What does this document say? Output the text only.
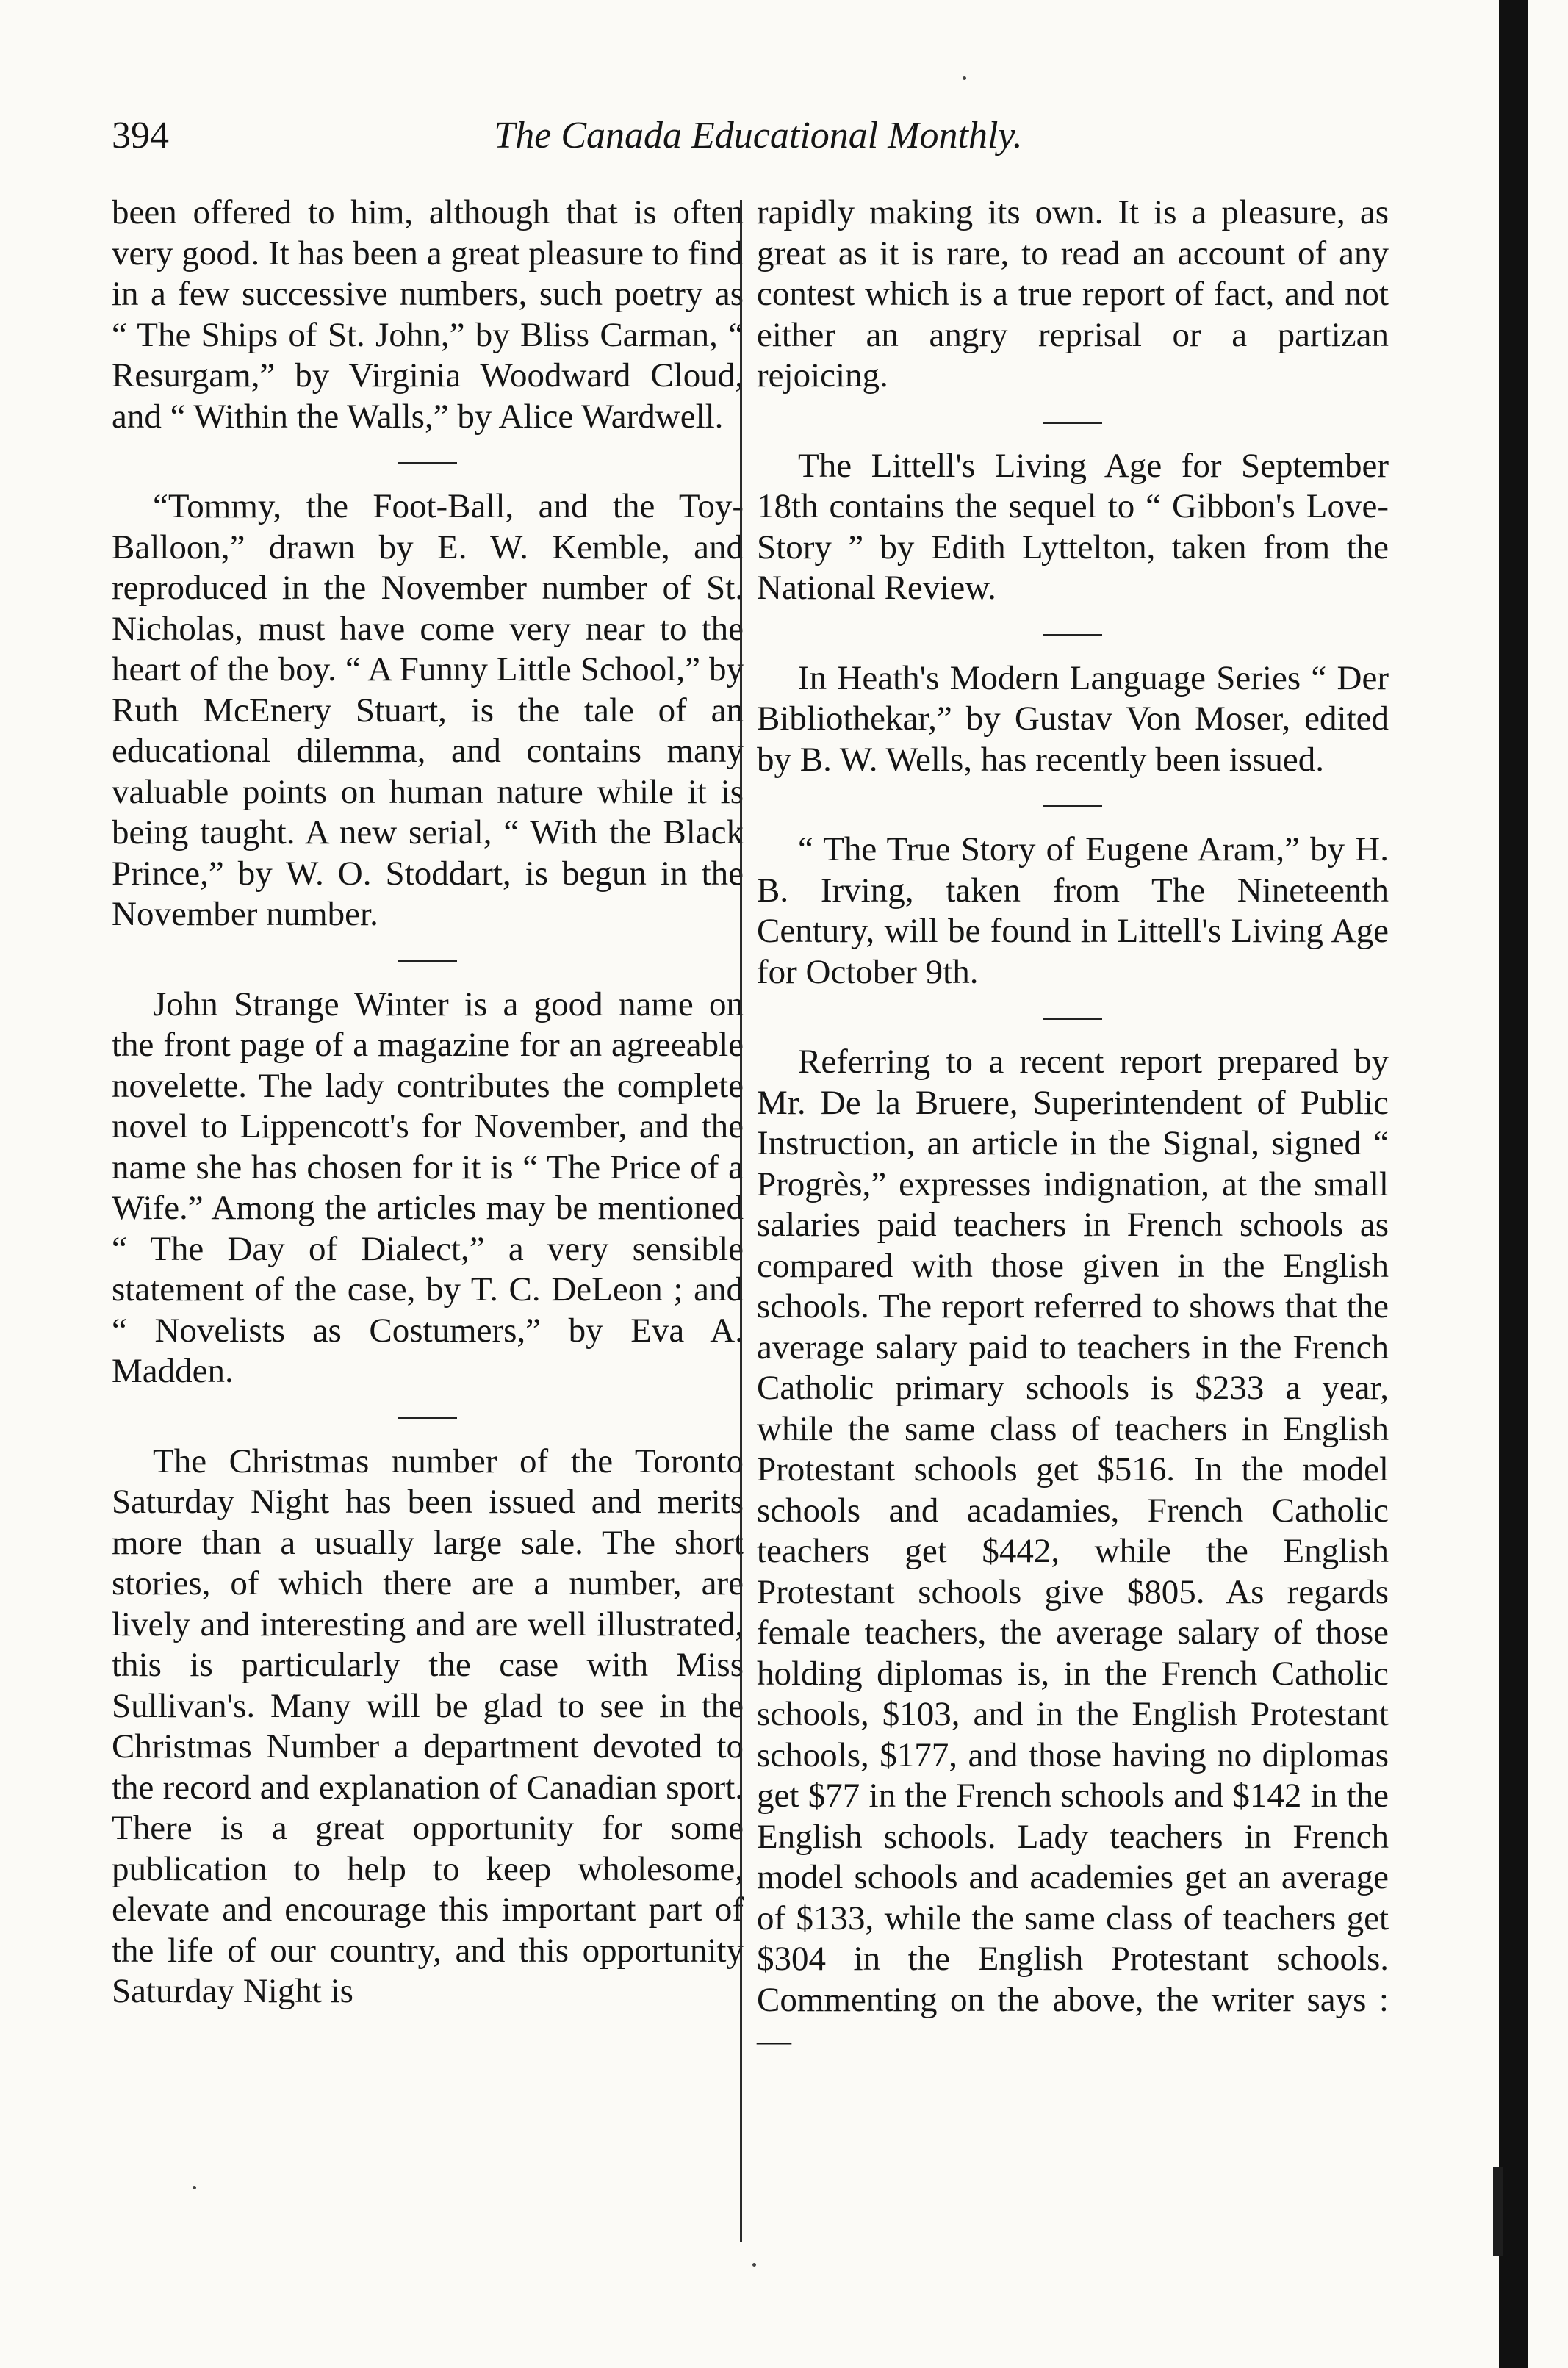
394	The Canada Educational Monthly.

been offered to him, although that is often very good. It has been a great pleasure to find in a few successive numbers, such poetry as “ The Ships of St. John,” by Bliss Carman, “ Resurgam,” by Virginia Woodward Cloud, and “ Within the Walls,” by Alice Wardwell.

“Tommy, the Foot-Ball, and the Toy-Balloon,” drawn by E. W. Kemble, and reproduced in the November number of St. Nicholas, must have come very near to the heart of the boy. “ A Funny Little School,” by Ruth McEnery Stuart, is the tale of an educational dilemma, and contains many valuable points on human nature while it is being taught. A new serial, “ With the Black Prince,” by W. O. Stoddart, is begun in the November number.

John Strange Winter is a good name on the front page of a magazine for an agreeable novelette. The lady contributes the complete novel to Lippencott's for November, and the name she has chosen for it is “ The Price of a Wife.” Among the articles may be mentioned “ The Day of Dialect,” a very sensible statement of the case, by T. C. DeLeon ; and “ Novelists as Costumers,” by Eva A. Madden.

The Christmas number of the Toronto Saturday Night has been issued and merits more than a usually large sale. The short stories, of which there are a number, are lively and interesting and are well illustrated, this is particularly the case with Miss Sullivan's. Many will be glad to see in the Christmas Number a department devoted to the record and explanation of Canadian sport. There is a great opportunity for some publication to help to keep wholesome, elevate and encourage this important part of the life of our country, and this opportunity Saturday Night is

rapidly making its own. It is a pleasure, as great as it is rare, to read an account of any contest which is a true report of fact, and not either an angry reprisal or a partizan rejoicing.

The Littell's Living Age for September 18th contains the sequel to “ Gibbon's Love-Story ” by Edith Lyttelton, taken from the National Review.

In Heath's Modern Language Series “ Der Bibliothekar,” by Gustav Von Moser, edited by B. W. Wells, has recently been issued.

“ The True Story of Eugene Aram,” by H. B. Irving, taken from The Nineteenth Century, will be found in Littell's Living Age for October 9th.

Referring to a recent report prepared by Mr. De la Bruere, Superintendent of Public Instruction, an article in the Signal, signed “ Progrès,” expresses indignation, at the small salaries paid teachers in French schools as compared with those given in the English schools. The report referred to shows that the average salary paid to teachers in the French Catholic primary schools is $233 a year, while the same class of teachers in English Protestant schools get $516. In the model schools and acadamies, French Catholic teachers get $442, while the English Protestant schools give $805. As regards female teachers, the average salary of those holding diplomas is, in the French Catholic schools, $103, and in the English Protestant schools, $177, and those having no diplomas get $77 in the French schools and $142 in the English schools. Lady teachers in French model schools and academies get an average of $133, while the same class of teachers get $304 in the English Protestant schools. Commenting on the above, the writer says :—
